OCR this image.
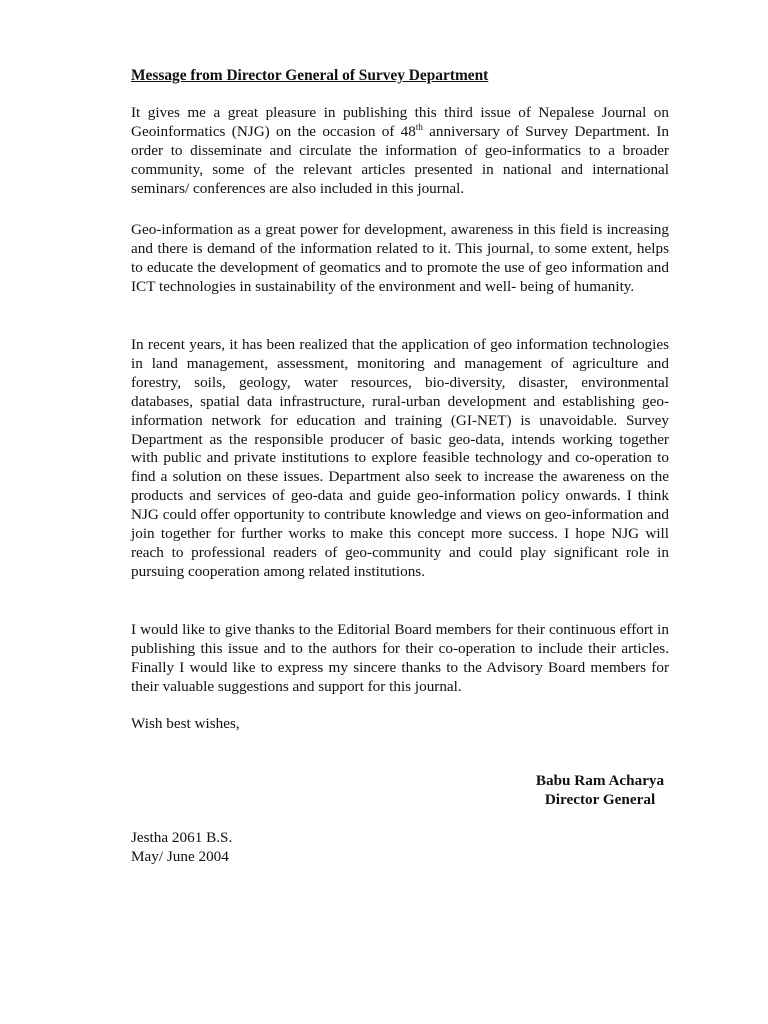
Message from Director General of Survey Department

It gives me a great pleasure in publishing this third issue of Nepalese Journal on Geoinformatics (NJG) on the occasion of 48th anniversary of Survey Department. In order to disseminate and circulate the information of geo-informatics to a broader community, some of the relevant articles presented in national and international seminars/ conferences are also included in this journal.

Geo-information as a great power for development, awareness in this field is increasing and there is demand of the information related to it. This journal, to some extent, helps to educate the development of geomatics and to promote the use of geo information and ICT technologies in sustainability of the environment and well- being of humanity.

In recent years, it has been realized that the application of geo information technologies in land management, assessment, monitoring and management of agriculture and forestry, soils, geology, water resources, bio-diversity, disaster, environmental databases, spatial data infrastructure, rural-urban development and establishing geo-information network for education and training (GI-NET) is unavoidable. Survey Department as the responsible producer of basic geo-data, intends working together with public and private institutions to explore feasible technology and co-operation to find a solution on these issues. Department also seek to increase the awareness on the products and services of geo-data and guide geo-information policy onwards. I think NJG could offer opportunity to contribute knowledge and views on geo-information and join together for further works to make this concept more success. I hope NJG will reach to professional readers of geo-community and could play significant role in pursuing cooperation among related institutions.

I would like to give thanks to the Editorial Board members for their continuous effort in publishing this issue and to the authors for their co-operation to include their articles. Finally I would like to express my sincere thanks to the Advisory Board members for their valuable suggestions and support for this journal.

Wish best wishes,
Babu Ram Acharya
Director General
Jestha 2061 B.S.
May/ June 2004
